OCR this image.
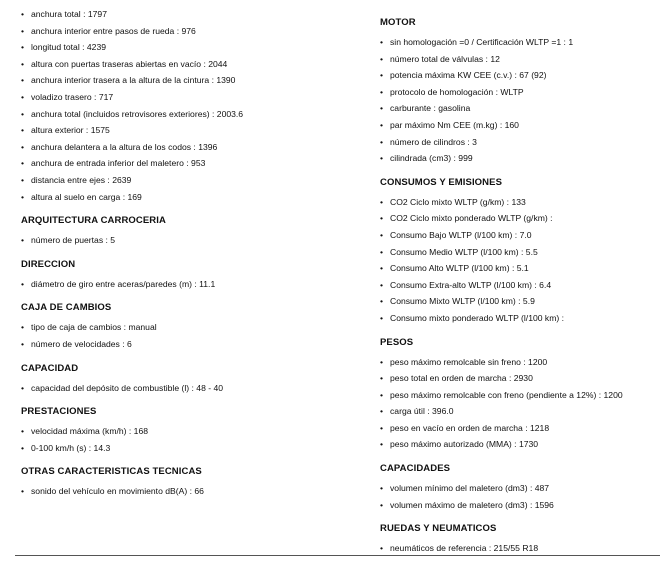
• anchura total : 1797
• anchura interior entre pasos de rueda : 976
• longitud total : 4239
• altura con puertas traseras abiertas en vacío : 2044
• anchura interior trasera a la altura de la cintura : 1390
• voladizo trasero : 717
• anchura total (incluidos retrovisores exteriores) : 2003.6
• altura exterior : 1575
• anchura delantera a la altura de los codos : 1396
• anchura de entrada inferior del maletero : 953
• distancia entre ejes : 2639
• altura al suelo en carga : 169
ARQUITECTURA CARROCERIA
• número de puertas : 5
DIRECCION
• diámetro de giro entre aceras/paredes (m) : 11.1
CAJA DE CAMBIOS
• tipo de caja de cambios : manual
• número de velocidades : 6
CAPACIDAD
• capacidad del depósito de combustible (l) : 48 - 40
PRESTACIONES
• velocidad máxima (km/h) : 168
• 0-100 km/h (s) : 14.3
OTRAS CARACTERISTICAS TECNICAS
• sonido del vehículo en movimiento dB(A) : 66
MOTOR
• sin homologación =0 / Certificación WLTP =1 : 1
• número total de válvulas : 12
• potencia máxima KW CEE (c.v.) : 67 (92)
• protocolo de homologación : WLTP
• carburante : gasolina
• par máximo Nm CEE (m.kg) : 160
• número de cilindros : 3
• cilindrada (cm3) : 999
CONSUMOS Y EMISIONES
• CO2 Ciclo mixto WLTP (g/km) : 133
• CO2 Ciclo mixto ponderado WLTP (g/km) :
• Consumo Bajo WLTP (l/100 km) : 7.0
• Consumo Medio WLTP (l/100 km) : 5.5
• Consumo Alto WLTP (l/100 km) : 5.1
• Consumo Extra-alto WLTP (l/100 km) : 6.4
• Consumo Mixto WLTP (l/100 km) : 5.9
• Consumo mixto ponderado WLTP (l/100 km) :
PESOS
• peso máximo remolcable sin freno : 1200
• peso total en orden de marcha : 2930
• peso máximo remolcable con freno (pendiente a 12%) : 1200
• carga útil : 396.0
• peso en vacío en orden de marcha : 1218
• peso máximo autorizado (MMA) : 1730
CAPACIDADES
• volumen mínimo del maletero (dm3) : 487
• volumen máximo de maletero (dm3) : 1596
RUEDAS Y NEUMATICOS
• neumáticos de referencia : 215/55 R18
